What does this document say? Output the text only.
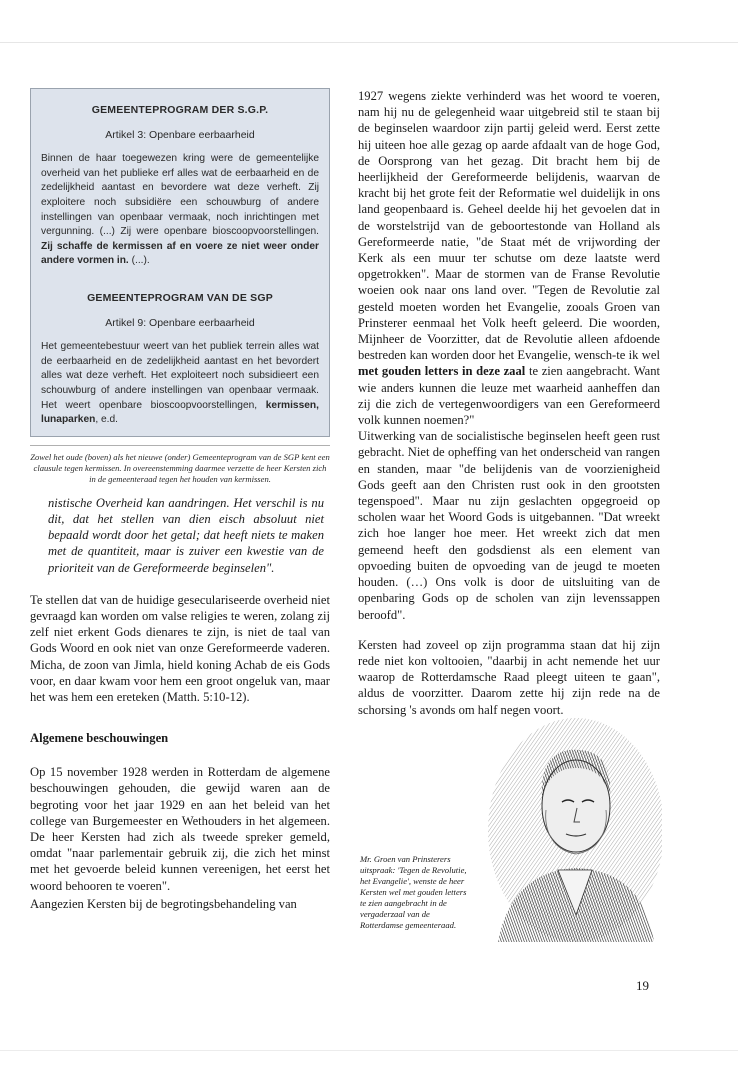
GEMEENTEPROGRAM DER S.G.P.
Artikel 3: Openbare eerbaarheid

Binnen de haar toegewezen kring were de gemeentelijke overheid van het publieke erf alles wat de eerbaarheid en de zedelijkheid aantast en bevordere wat deze verheft. Zij exploitere noch subsidiëre een schouwburg of andere instellingen van openbaar vermaak, noch inrichtingen met vergunning. (...) Zij were openbare bioscoopvoorstellingen. Zij schaffe de kermissen af en voere ze niet weer onder andere vormen in. (...).

GEMEENTEPROGRAM VAN DE SGP
Artikel 9: Openbare eerbaarheid

Het gemeentebestuur weert van het publiek terrein alles wat de eerbaarheid en de zedelijkheid aantast en het bevordert alles wat deze verheft. Het exploiteert noch subsidieert een schouwburg of andere instellingen van openbaar vermaak. Het weert openbare bioscoopvoorstellingen, kermissen, lunaparken, e.d.

Zowel het oude (boven) als het nieuwe (onder) Gemeenteprogram van de SGP kent een clausule tegen kermissen. In overeenstemming daarmee verzette de heer Kersten zich in de gemeenteraad tegen het houden van kermissen.
nistische Overheid kan aandringen. Het verschil is nu dit, dat het stellen van dien eisch absoluut niet bepaald wordt door het getal; dat heeft niets te maken met de quantiteit, maar is zuiver een kwestie van de prioriteit van de Gereformeerde beginselen".

Te stellen dat van de huidige geseculariseerde overheid niet gevraagd kan worden om valse religies te weren, zolang zij zelf niet erkent Gods dienares te zijn, is niet de taal van Gods Woord en ook niet van onze Gereformeerde vaderen. Micha, de zoon van Jimla, hield koning Achab de eis Gods voor, en daar kwam voor hem een groot ongeluk van, maar het was hem een ereteken (Matth. 5:10-12).

Algemene beschouwingen

Op 15 november 1928 werden in Rotterdam de algemene beschouwingen gehouden, die gewijd waren aan de begroting voor het jaar 1929 en aan het beleid van het college van Burgemeester en Wethouders in het algemeen. De heer Kersten had zich als tweede spreker gemeld, omdat "naar parlementair gebruik zij, die zich het minst met het gevoerde beleid kunnen vereenigen, het eerst het woord behooren te voeren".

Aangezien Kersten bij de begrotingsbehandeling van

1927 wegens ziekte verhinderd was het woord te voeren, nam hij nu de gelegenheid waar uitgebreid stil te staan bij de beginselen waardoor zijn partij geleid werd. Eerst zette hij uiteen hoe alle gezag op aarde afdaalt van de hoge God, de Oorsprong van het gezag. Dit bracht hem bij de heerlijkheid der Gereformeerde belijdenis, waarvan de kracht bij het grote feit der Reformatie wel duidelijk in ons land geopenbaard is. Geheel deelde hij het gevoelen dat in de worstelstrijd van de geboortestonde van Holland als Gereformeerde natie, "de Staat mét de vrijwording der Kerk als een muur ter schutse om deze laatste werd opgetrokken". Maar de stormen van de Franse Revolutie woeien ook naar ons land over. "Tegen de Revolutie zal gesteld moeten worden het Evangelie, zooals Groen van Prinsterer eenmaal het Volk heeft geleerd. Die woorden, Mijnheer de Voorzitter, dat de Revolutie alleen afdoende bestreden kan worden door het Evangelie, wensch-te ik wel met gouden letters in deze zaal te zien aangebracht. Want wie anders kunnen die leuze met waarheid aanheffen dan zij die zich de vertegenwoordigers van een Gereformeerd volk kunnen noemen?"

Uitwerking van de socialistische beginselen heeft geen rust gebracht. Niet de opheffing van het onderscheid van rangen en standen, maar "de belijdenis van de voorzienigheid Gods geeft aan den Christen rust ook in den grootsten tegenspoed". Maar nu zijn geslachten opgegroeid op scholen waar het Woord Gods is uitgebannen. "Dat wreekt zich hoe langer hoe meer. Het wreekt zich dat men gemeend heeft den godsdienst als een element van opvoeding buiten de opvoeding van de jeugd te moeten houden. (…) Ons volk is door de uitsluiting van de openbaring Gods op de scholen van zijn levenssappen beroofd".

Kersten had zoveel op zijn programma staan dat hij zijn rede niet kon voltooien, "daarbij in acht nemende het uur waarop de Rotterdamsche Raad pleegt uiteen te gaan", aldus de voorzitter. Daarom zette hij zijn rede na de schorsing 's avonds om half negen voort.

Mr. Groen van Prinsterers uitspraak: 'Tegen de Revolutie, het Evangelie', wenste de heer Kersten wel met gouden letters te zien aangebracht in de vergaderzaal van de Rotterdamse gemeenteraad.
19
